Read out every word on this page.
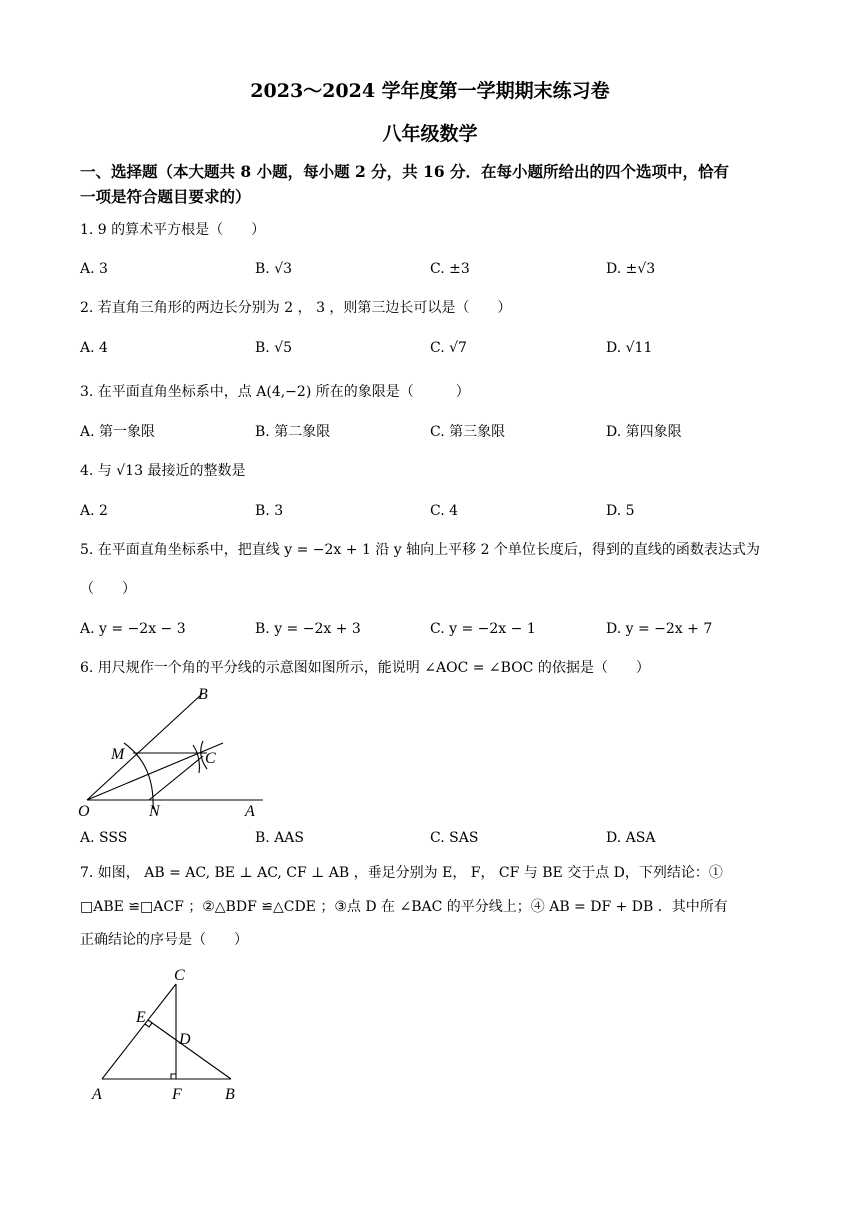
2023～2024 学年度第一学期期末练习卷
八年级数学
一、选择题（本大题共 8 小题，每小题 2 分，共 16 分．在每小题所给出的四个选项中，恰有
一项是符合题目要求的）
1. 9 的算术平方根是（　　）
A. 3	B. √3	C. ±3	D. ±√3
2. 若直角三角形的两边长分别为 2 ， 3 ，则第三边长可以是（　　）
A. 4	B. √5	C. √7	D. √11
3. 在平面直角坐标系中，点 A(4,−2) 所在的象限是（　　　）
A. 第一象限	B. 第二象限	C. 第三象限	D. 第四象限
4. 与 √13 最接近的整数是
A. 2	B. 3	C. 4	D. 5
5. 在平面直角坐标系中，把直线 y = −2x + 1 沿 y 轴向上平移 2 个单位长度后，得到的直线的函数表达式为
（　　）
A. y = −2x − 3	B. y = −2x + 3	C. y = −2x − 1	D. y = −2x + 7
6. 用尺规作一个角的平分线的示意图如图所示，能说明 ∠AOC = ∠BOC 的依据是（　　）
B
M	C
O	N	A
A. SSS	B. AAS	C. SAS	D. ASA
7. 如图， AB = AC, BE ⊥ AC, CF ⊥ AB ，垂足分别为 E， F， CF 与 BE 交于点 D，下列结论：①
□ABE ≌□ACF ；②△BDF ≌△CDE ；③点 D 在 ∠BAC 的平分线上；④ AB = DF + DB ．其中所有
正确结论的序号是（　　）
C
E
D
A	F	B
